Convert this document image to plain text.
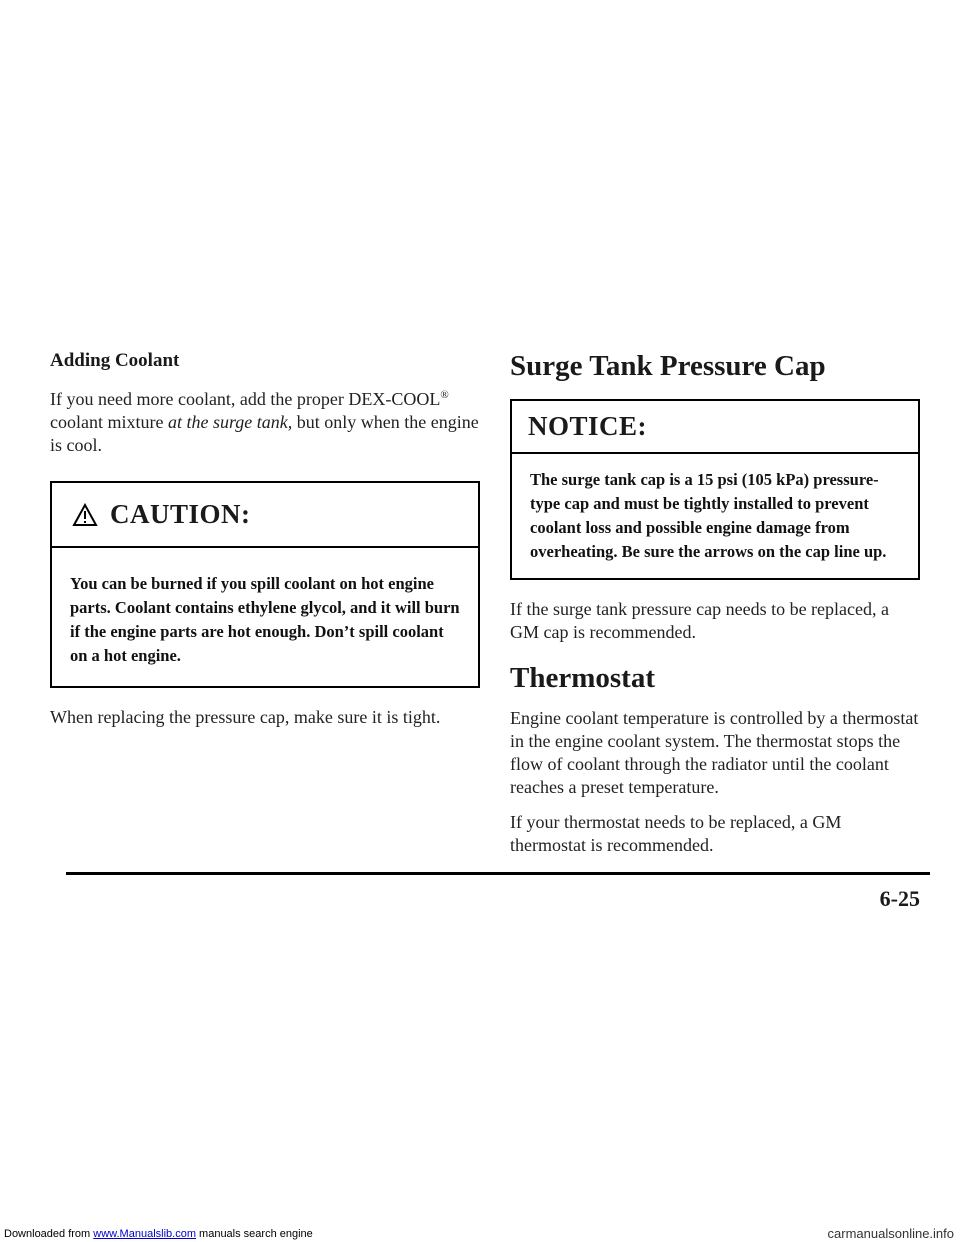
Adding Coolant

If you need more coolant, add the proper DEX-COOL® coolant mixture at the surge tank, but only when the engine is cool.

CAUTION:

You can be burned if you spill coolant on hot engine parts. Coolant contains ethylene glycol, and it will burn if the engine parts are hot enough. Don’t spill coolant on a hot engine.

When replacing the pressure cap, make sure it is tight.

Surge Tank Pressure Cap
NOTICE:

The surge tank cap is a 15 psi (105 kPa) pressure-type cap and must be tightly installed to prevent coolant loss and possible engine damage from overheating. Be sure the arrows on the cap line up.

If the surge tank pressure cap needs to be replaced, a GM cap is recommended.

Thermostat

Engine coolant temperature is controlled by a thermostat in the engine coolant system. The thermostat stops the flow of coolant through the radiator until the coolant reaches a preset temperature.

If your thermostat needs to be replaced, a GM thermostat is recommended.

6-25
Downloaded from www.Manualslib.com manuals search engine	carmanualsonline.info
